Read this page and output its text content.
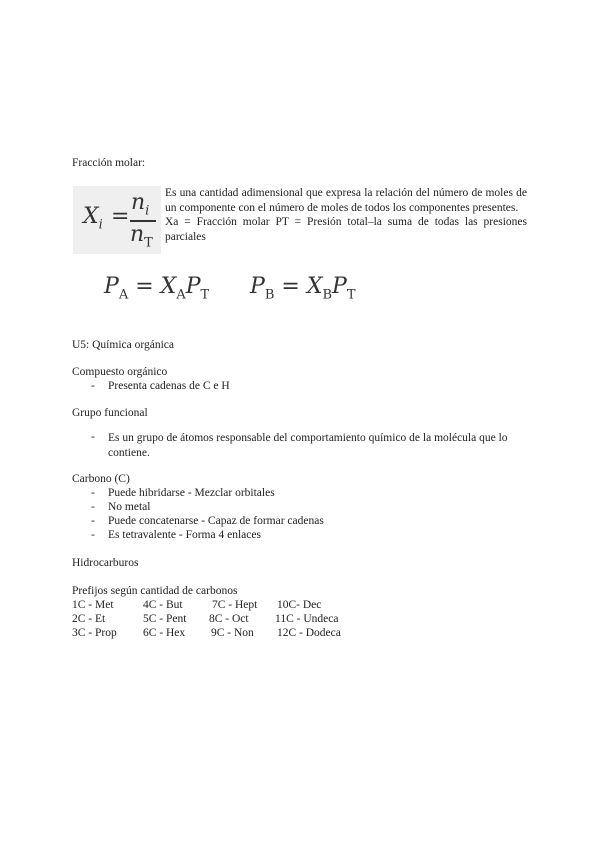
Fracción molar:
$X_i$ =
$n_i$
$n_T$
Es una cantidad adimensional que expresa la relación del número de moles de un componente con el número de moles de todos los componentes presentes.
Xa = Fracción molar PT = Presión total–la suma de todas las presiones parciales
$P_A = X_AP_T$ $P_B = X_BP_T$
U5: Química orgánica
Compuesto orgánico
- Presenta cadenas de C e H
Grupo funcional
- Es un grupo de átomos responsable del comportamiento químico de la molécula que lo contiene.
Carbono (C)
- Puede hibridarse - Mezclar orbitales
- No metal
- Puede concatenarse - Capaz de formar cadenas
- Es tetravalente - Forma 4 enlaces
Hidrocarburos
Prefijos según cantidad de carbonos
1C - Met	4C - But	7C - Hept 10C- Dec
2C - Et	5C - Pent 8C - Oct 11C - Undeca
3C - Prop 6C - Hex 9C - Non 12C - Dodeca
